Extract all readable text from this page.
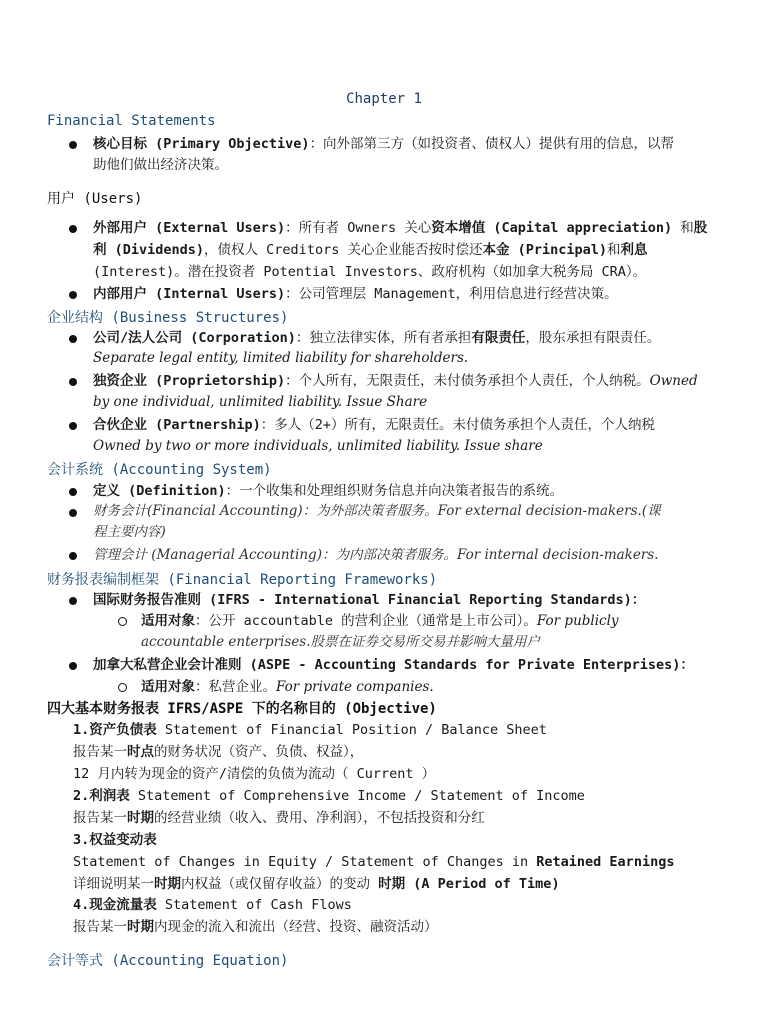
Chapter 1
Financial Statements
核心目标 (Primary Objective)：向外部第三方（如投资者、债权人）提供有用的信息，以帮
助他们做出经济决策。
用户 (Users)
外部用户 (External Users)：所有者 Owners 关心资本增值 (Capital appreciation) 和股
利 (Dividends)，债权人 Creditors 关心企业能否按时偿还本金 (Principal)和利息
(Interest)。潜在投资者 Potential Investors、政府机构（如加拿大税务局 CRA）。
内部用户 (Internal Users)：公司管理层 Management，利用信息进行经营决策。
企业结构 (Business Structures)
公司/法人公司 (Corporation)：独立法律实体，所有者承担有限责任，股东承担有限责任。
Separate legal entity, limited liability for shareholders.
独资企业 (Proprietorship)：个人所有，无限责任，未付债务承担个人责任，个人纳税。Owned
by one individual, unlimited liability. Issue Share
合伙企业 (Partnership)：多人（2+）所有，无限责任。未付债务承担个人责任，个人纳税
Owned by two or more individuals, unlimited liability. Issue share
会计系统 (Accounting System)
定义 (Definition)：一个收集和处理组织财务信息并向决策者报告的系统。
财务会计(Financial Accounting)：为外部决策者服务。For external decision-makers.(课
程主要内容)
管理会计 (Managerial Accounting)：为内部决策者服务。For internal decision-makers.
财务报表编制框架 (Financial Reporting Frameworks)
国际财务报告准则 (IFRS - International Financial Reporting Standards)：
适用对象：公开 accountable 的营利企业（通常是上市公司）。For publicly
accountable enterprises.股票在证券交易所交易并影响大量用户
加拿大私营企业会计准则 (ASPE - Accounting Standards for Private Enterprises)：
适用对象：私营企业。For private companies.
四大基本财务报表 IFRS/ASPE 下的名称目的 (Objective)
1.资产负债表 Statement of Financial Position / Balance Sheet
报告某一时点的财务状况（资产、负债、权益），
12 月内转为现金的资产/清偿的负债为流动（ Current ）
2.利润表 Statement of Comprehensive Income / Statement of Income
报告某一时期的经营业绩（收入、费用、净利润），不包括投资和分红
3.权益变动表
Statement of Changes in Equity / Statement of Changes in Retained Earnings
详细说明某一时期内权益（或仅留存收益）的变动 时期 (A Period of Time)
4.现金流量表 Statement of Cash Flows
报告某一时期内现金的流入和流出（经营、投资、融资活动）
会计等式 (Accounting Equation)
